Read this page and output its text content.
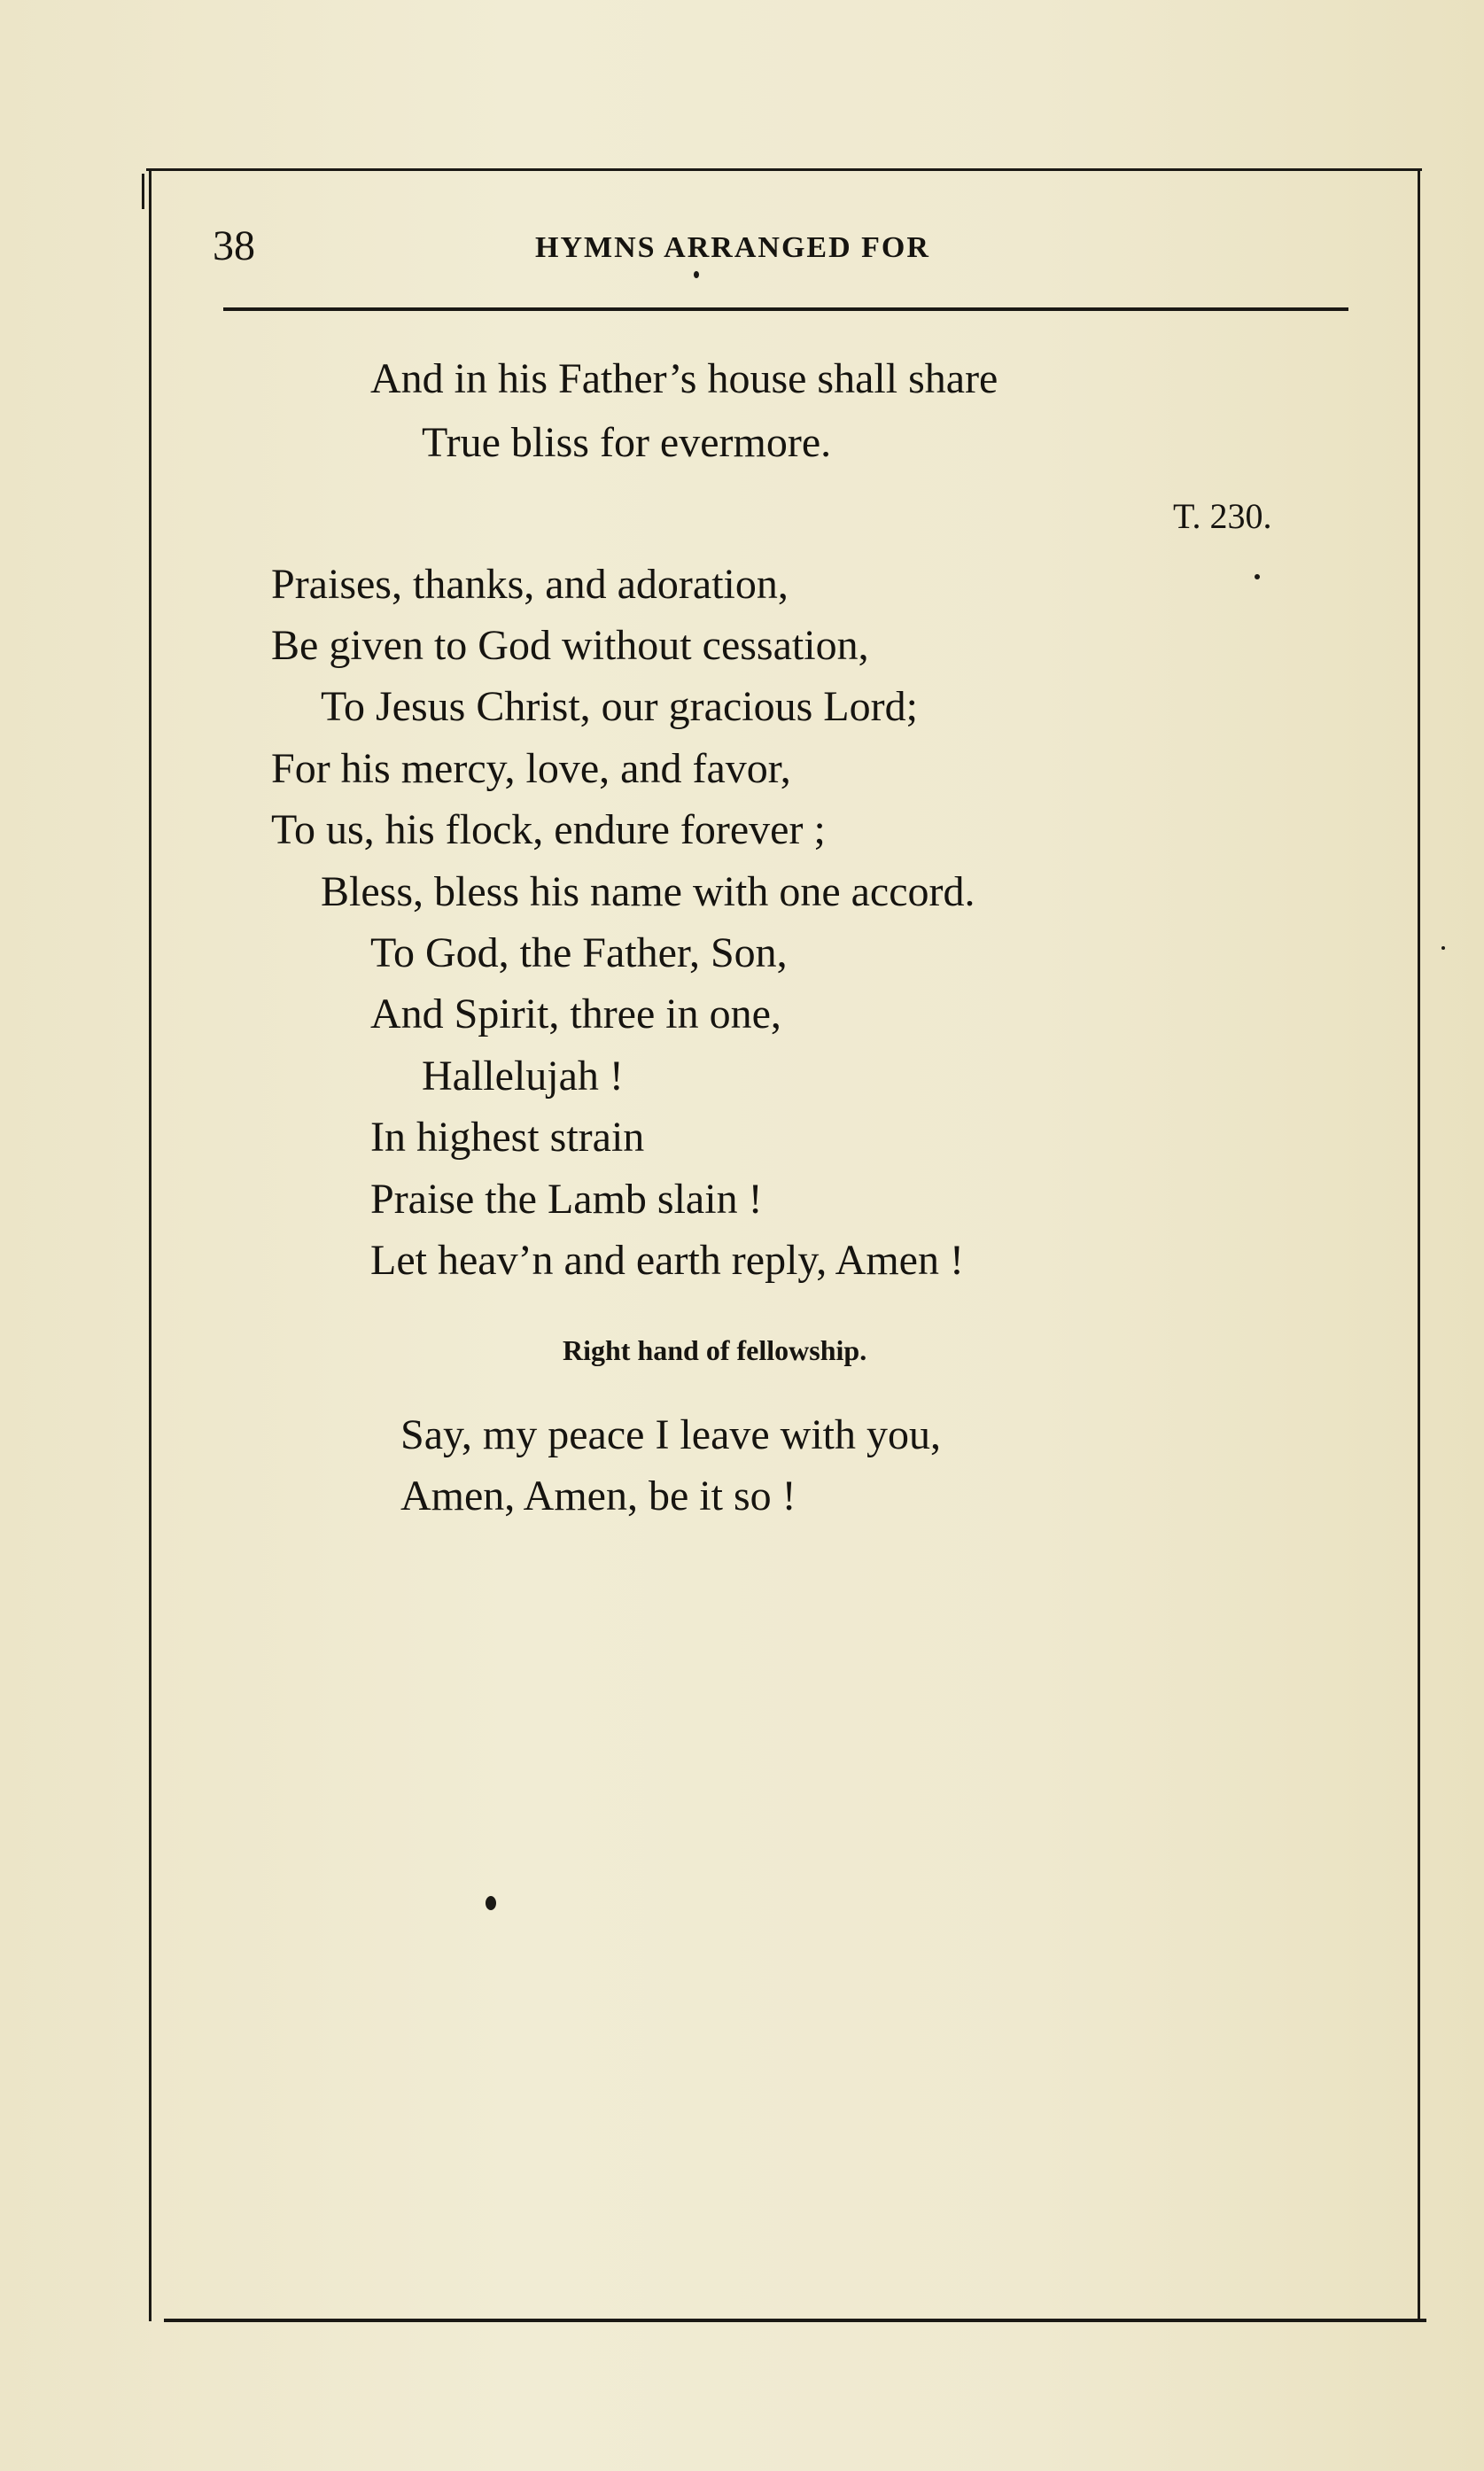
38	HYMNS ARRANGED FOR
And in his Father’s house shall share
True bliss for evermore.
T. 230.
Praises, thanks, and adoration,
Be given to God without cessation,
To Jesus Christ, our gracious Lord;
For his mercy, love, and favor,
To us, his flock, endure forever ;
Bless, bless his name with one accord.
To God, the Father, Son,
And Spirit, three in one,
Hallelujah !
In highest strain
Praise the Lamb slain !
Let heav’n and earth reply, Amen !
Right hand of fellowship.
Say, my peace I leave with you,
Amen, Amen, be it so !
